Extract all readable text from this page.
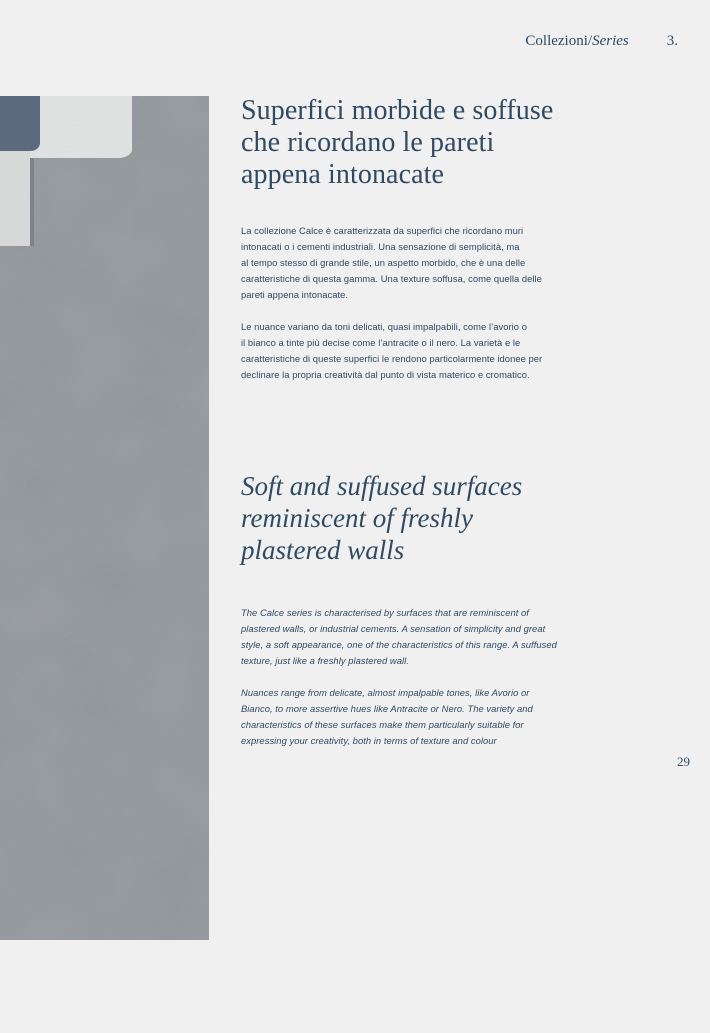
Collezioni/Series	3.
Superfici morbide e soffuse
che ricordano le pareti
appena intonacate
La collezione Calce è caratterizzata da superfici che ricordano muri
intonacati o i cementi industriali. Una sensazione di semplicità, ma
al tempo stesso di grande stile, un aspetto morbido, che è una delle
caratteristiche di questa gamma. Una texture soffusa, come quella delle
pareti appena intonacate.
Le nuance variano da toni delicati, quasi impalpabili, come l’avorio o
il bianco a tinte più decise come l’antracite o il nero. La varietà e le
caratteristiche di queste superfici le rendono particolarmente idonee per
declinare la propria creatività dal punto di vista materico e cromatico.
Soft and suffused surfaces
reminiscent of freshly
plastered walls
The Calce series is characterised by surfaces that are reminiscent of
plastered walls, or industrial cements. A sensation of simplicity and great
style, a soft appearance, one of the characteristics of this range. A suffused
texture, just like a freshly plastered wall.
Nuances range from delicate, almost impalpable tones, like Avorio or
Bianco, to more assertive hues like Antracite or Nero. The variety and
characteristics of these surfaces make them particularly suitable for
expressing your creativity, both in terms of texture and colour
29
